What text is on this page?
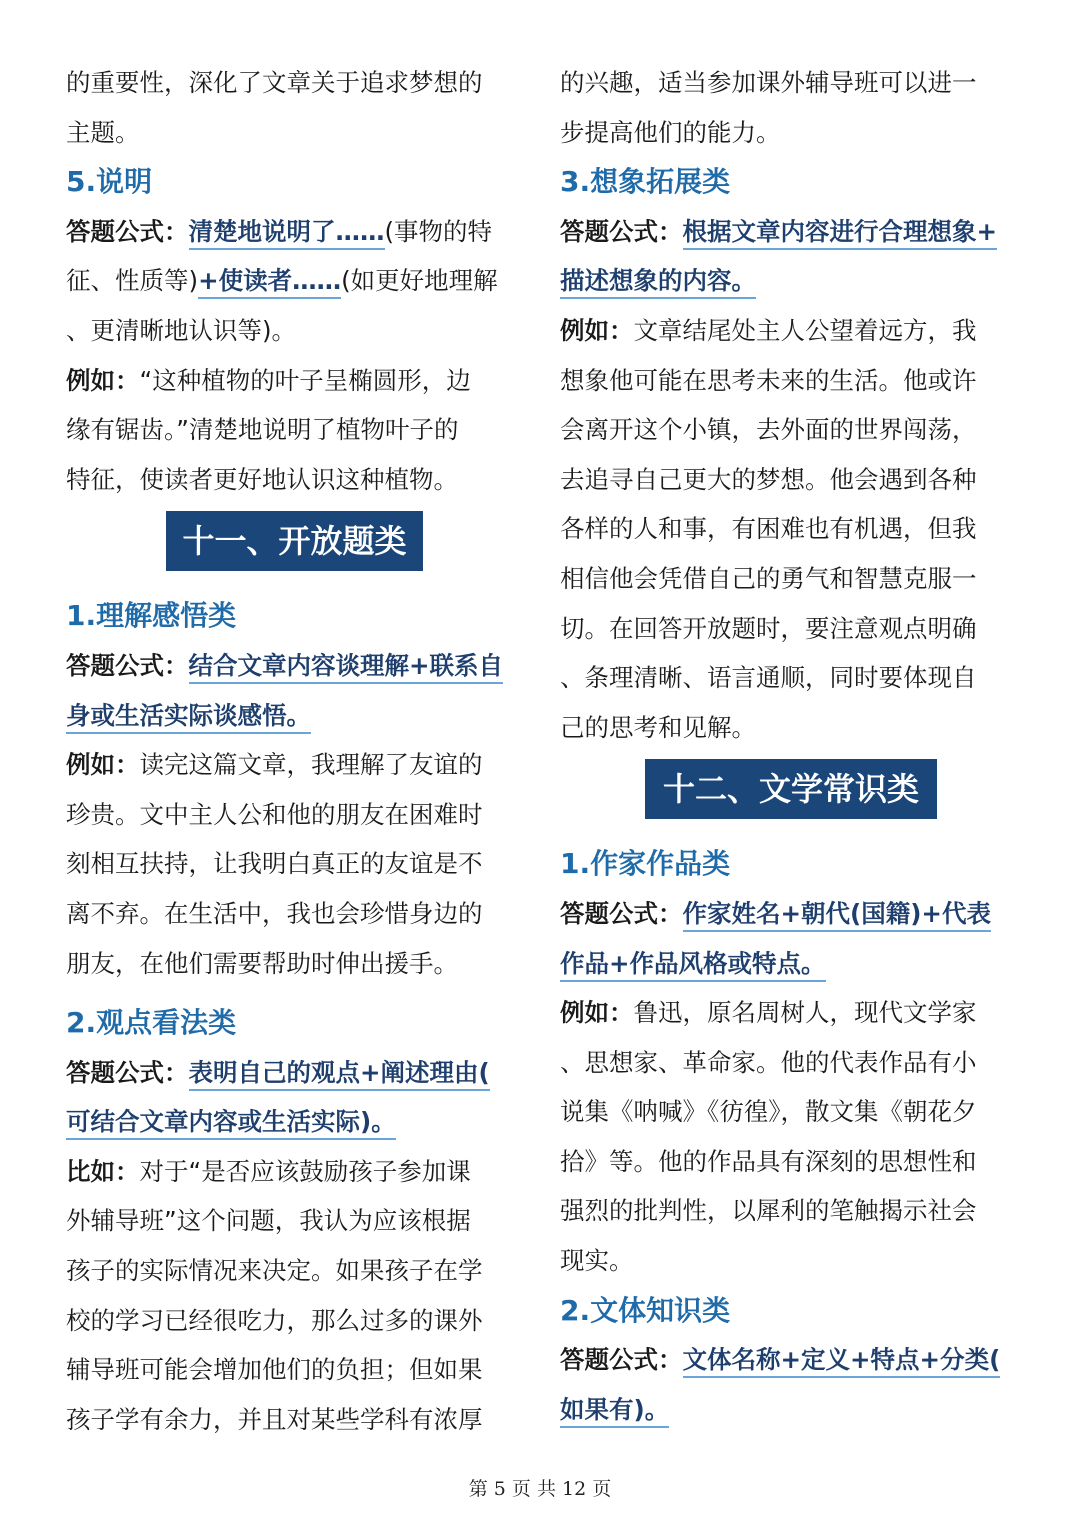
的重要性，深化了文章关于追求梦想的

主题。

5.说明

答题公式：清楚地说明了……(事物的特

征、性质等)+使读者……(如更好地理解

、更清晰地认识等)。

例如：“这种植物的叶子呈椭圆形，边

缘有锯齿。”清楚地说明了植物叶子的

特征，使读者更好地认识这种植物。

十一、开放题类

1.理解感悟类

答题公式：结合文章内容谈理解+联系自

身或生活实际谈感悟。

例如：读完这篇文章，我理解了友谊的

珍贵。文中主人公和他的朋友在困难时

刻相互扶持，让我明白真正的友谊是不

离不弃。在生活中，我也会珍惜身边的

朋友，在他们需要帮助时伸出援手。

2.观点看法类

答题公式：表明自己的观点+阐述理由(

可结合文章内容或生活实际)。

比如：对于“是否应该鼓励孩子参加课

外辅导班”这个问题，我认为应该根据

孩子的实际情况来决定。如果孩子在学

校的学习已经很吃力，那么过多的课外

辅导班可能会增加他们的负担；但如果

孩子学有余力，并且对某些学科有浓厚

的兴趣，适当参加课外辅导班可以进一

步提高他们的能力。

3.想象拓展类

答题公式：根据文章内容进行合理想象+

描述想象的内容。

例如：文章结尾处主人公望着远方，我

想象他可能在思考未来的生活。他或许

会离开这个小镇，去外面的世界闯荡，

去追寻自己更大的梦想。他会遇到各种

各样的人和事，有困难也有机遇，但我

相信他会凭借自己的勇气和智慧克服一

切。在回答开放题时，要注意观点明确

、条理清晰、语言通顺，同时要体现自

己的思考和见解。

十二、文学常识类

1.作家作品类

答题公式：作家姓名+朝代(国籍)+代表

作品+作品风格或特点。

例如：鲁迅，原名周树人，现代文学家

、思想家、革命家。他的代表作品有小

说集《呐喊》《彷徨》，散文集《朝花夕

拾》等。他的作品具有深刻的思想性和

强烈的批判性，以犀利的笔触揭示社会

现实。

2.文体知识类

答题公式：文体名称+定义+特点+分类(

如果有)。

第 5 页 共 12 页
